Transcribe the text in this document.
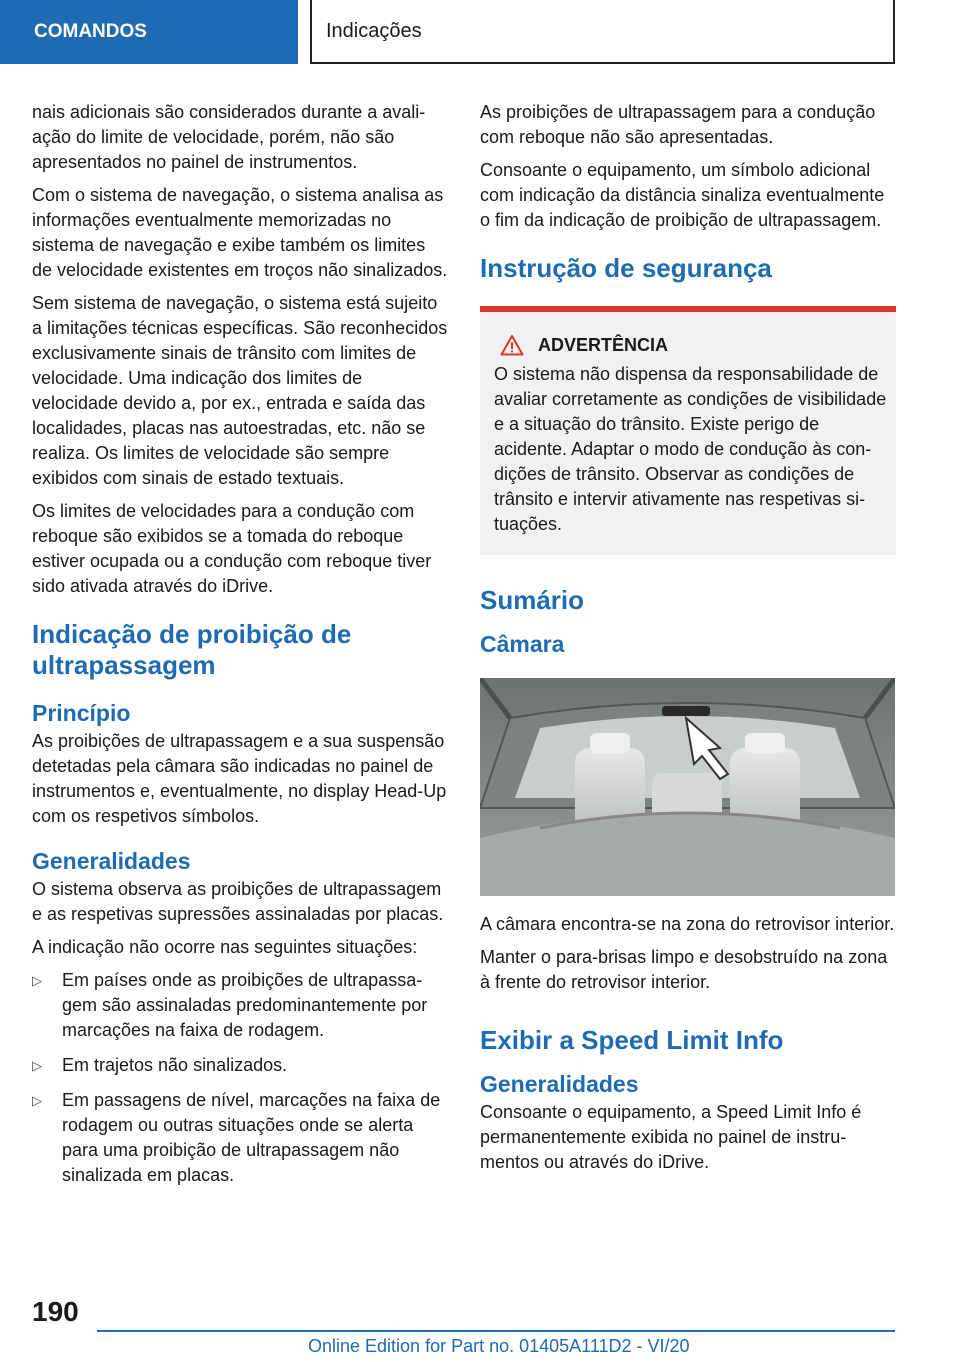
COMANDOS	Indicações

nais adicionais são considerados durante a avaliação do limite de velocidade, porém, não são apresentados no painel de instrumentos.

Com o sistema de navegação, o sistema analisa as informações eventualmente memorizadas no sistema de navegação e exibe também os limites de velocidade existentes em troços não sinalizados.

Sem sistema de navegação, o sistema está sujeito a limitações técnicas específicas. São reconhecidos exclusivamente sinais de trânsito com limites de velocidade. Uma indicação dos limites de velocidade devido a, por ex., entrada e saída das localidades, placas nas autoestradas, etc. não se realiza. Os limites de velocidade são sempre exibidos com sinais de estado textuais.

Os limites de velocidades para a condução com reboque são exibidos se a tomada do reboque estiver ocupada ou a condução com reboque tiver sido ativada através do iDrive.

Indicação de proibição de ultrapassagem
Princípio

As proibições de ultrapassagem e a sua suspensão detetadas pela câmara são indicadas no painel de instrumentos e, eventualmente, no display Head-Up com os respetivos símbolos.

Generalidades

O sistema observa as proibições de ultrapassagem e as respetivas supressões assinaladas por placas.

A indicação não ocorre nas seguintes situações:

▷ Em países onde as proibições de ultrapassagem são assinaladas predominantemente por marcações na faixa de rodagem.
▷ Em trajetos não sinalizados.
▷ Em passagens de nível, marcações na faixa de rodagem ou outras situações onde se alerta para uma proibição de ultrapassagem não sinalizada em placas.

As proibições de ultrapassagem para a condução com reboque não são apresentadas.

Consoante o equipamento, um símbolo adicional com indicação da distância sinaliza eventualmente o fim da indicação de proibição de ultrapassagem.

Instrução de segurança
ADVERTÊNCIA

O sistema não dispensa da responsabilidade de avaliar corretamente as condições de visibilidade e a situação do trânsito. Existe perigo de acidente. Adaptar o modo de condução às condições de trânsito. Observar as condições de trânsito e intervir ativamente nas respetivas situações.

Sumário
Câmara

A câmara encontra-se na zona do retrovisor interior.

Manter o para-brisas limpo e desobstruído na zona à frente do retrovisor interior.

Exibir a Speed Limit Info
Generalidades

Consoante o equipamento, a Speed Limit Info é permanentemente exibida no painel de instrumentos ou através do iDrive.

190
Online Edition for Part no. 01405A111D2 - VI/20
